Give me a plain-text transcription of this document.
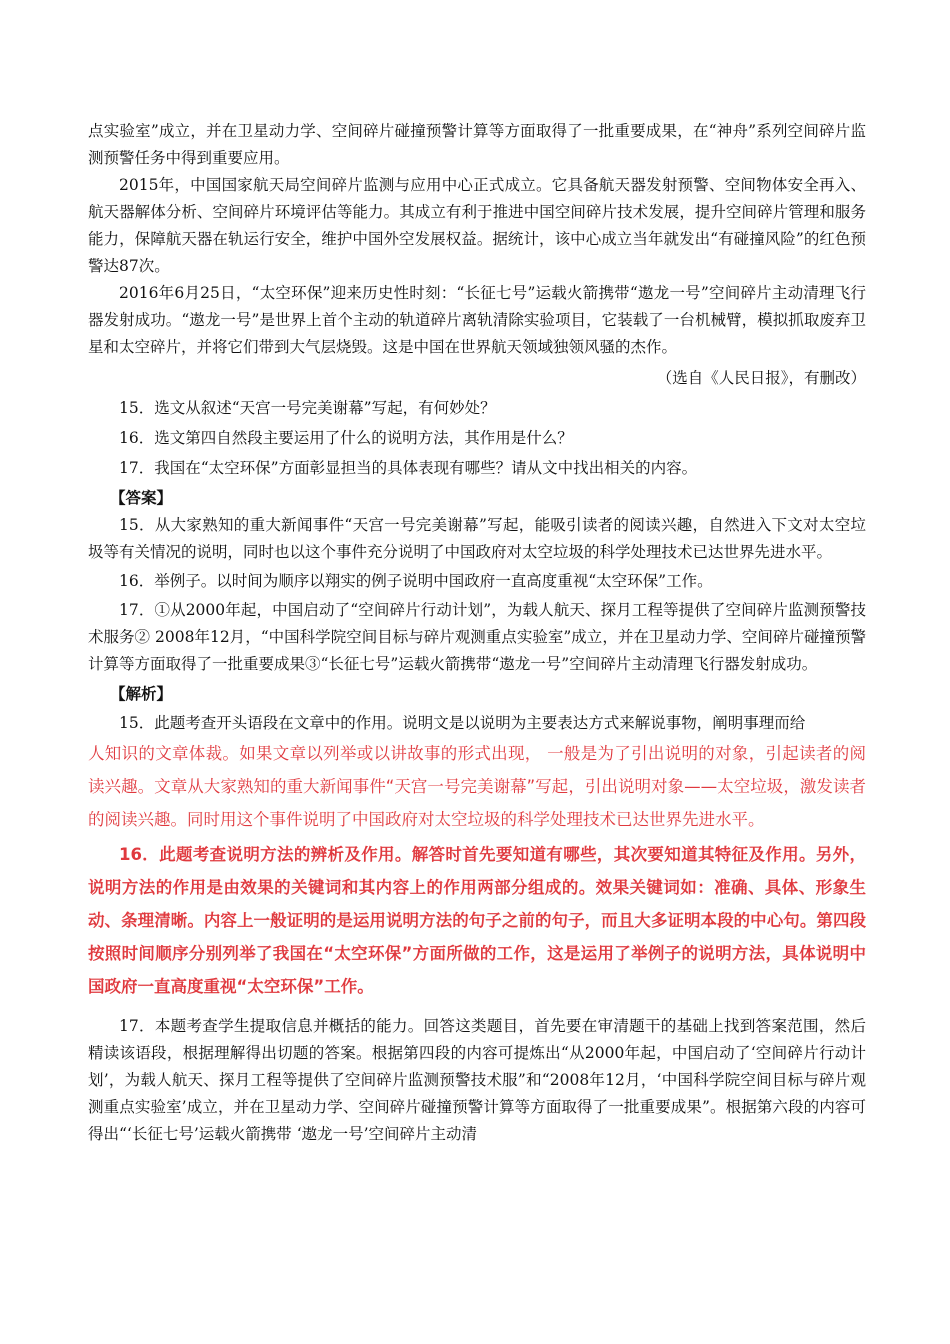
点实验室”成立，并在卫星动力学、空间碎片碰撞预警计算等方面取得了一批重要成果，在“神舟”系列空间碎片监测预警任务中得到重要应用。

2015年，中国国家航天局空间碎片监测与应用中心正式成立。它具备航天器发射预警、空间物体安全再入、航天器解体分析、空间碎片环境评估等能力。其成立有利于推进中国空间碎片技术发展，提升空间碎片管理和服务能力，保障航天器在轨运行安全，维护中国外空发展权益。据统计，该中心成立当年就发出“有碰撞风险”的红色预警达87次。

2016年6月25日，“太空环保”迎来历史性时刻：“长征七号”运载火箭携带“遨龙一号”空间碎片主动清理飞行器发射成功。“遨龙一号”是世界上首个主动的轨道碎片离轨清除实验项目，它装载了一台机械臂，模拟抓取废弃卫星和太空碎片，并将它们带到大气层烧毁。这是中国在世界航天领域独领风骚的杰作。

（选自《人民日报》，有删改）

15．选文从叙述“天宫一号完美谢幕”写起，有何妙处？

16．选文第四自然段主要运用了什么的说明方法，其作用是什么？

17．我国在“太空环保”方面彰显担当的具体表现有哪些？请从文中找出相关的内容。

【答案】

15．从大家熟知的重大新闻事件“天宫一号完美谢幕”写起，能吸引读者的阅读兴趣，自然进入下文对太空垃圾等有关情况的说明，同时也以这个事件充分说明了中国政府对太空垃圾的科学处理技术已达世界先进水平。

16．举例子。以时间为顺序以翔实的例子说明中国政府一直高度重视“太空环保”工作。

17．①从2000年起，中国启动了“空间碎片行动计划”，为载人航天、探月工程等提供了空间碎片监测预警技术服务② 2008年12月，“中国科学院空间目标与碎片观测重点实验室”成立，并在卫星动力学、空间碎片碰撞预警计算等方面取得了一批重要成果③“长征七号”运载火箭携带“遨龙一号”空间碎片主动清理飞行器发射成功。

【解析】

15．此题考查开头语段在文章中的作用。说明文是以说明为主要表达方式来解说事物，阐明事理而给

人知识的文章体裁。如果文章以列举或以讲故事的形式出现， 一般是为了引出说明的对象，引起读者的阅读兴趣。文章从大家熟知的重大新闻事件“天宫一号完美谢幕”写起，引出说明对象——太空垃圾，激发读者的阅读兴趣。同时用这个事件说明了中国政府对太空垃圾的科学处理技术已达世界先进水平。

16．此题考查说明方法的辨析及作用。解答时首先要知道有哪些，其次要知道其特征及作用。另外，说明方法的作用是由效果的关键词和其内容上的作用两部分组成的。效果关键词如：准确、具体、形象生动、条理清晰。内容上一般证明的是运用说明方法的句子之前的句子，而且大多证明本段的中心句。第四段按照时间顺序分别列举了我国在“太空环保”方面所做的工作，这是运用了举例子的说明方法，具体说明中国政府一直高度重视“太空环保”工作。

17．本题考查学生提取信息并概括的能力。回答这类题目，首先要在审清题干的基础上找到答案范围，然后精读该语段，根据理解得出切题的答案。根据第四段的内容可提炼出“从2000年起，中国启动了‘空间碎片行动计划’，为载人航天、探月工程等提供了空间碎片监测预警技术服”和“2008年12月，‘中国科学院空间目标与碎片观测重点实验室’成立，并在卫星动力学、空间碎片碰撞预警计算等方面取得了一批重要成果”。根据第六段的内容可得出“‘长征七号’运载火箭携带 ‘遨龙一号’空间碎片主动清
